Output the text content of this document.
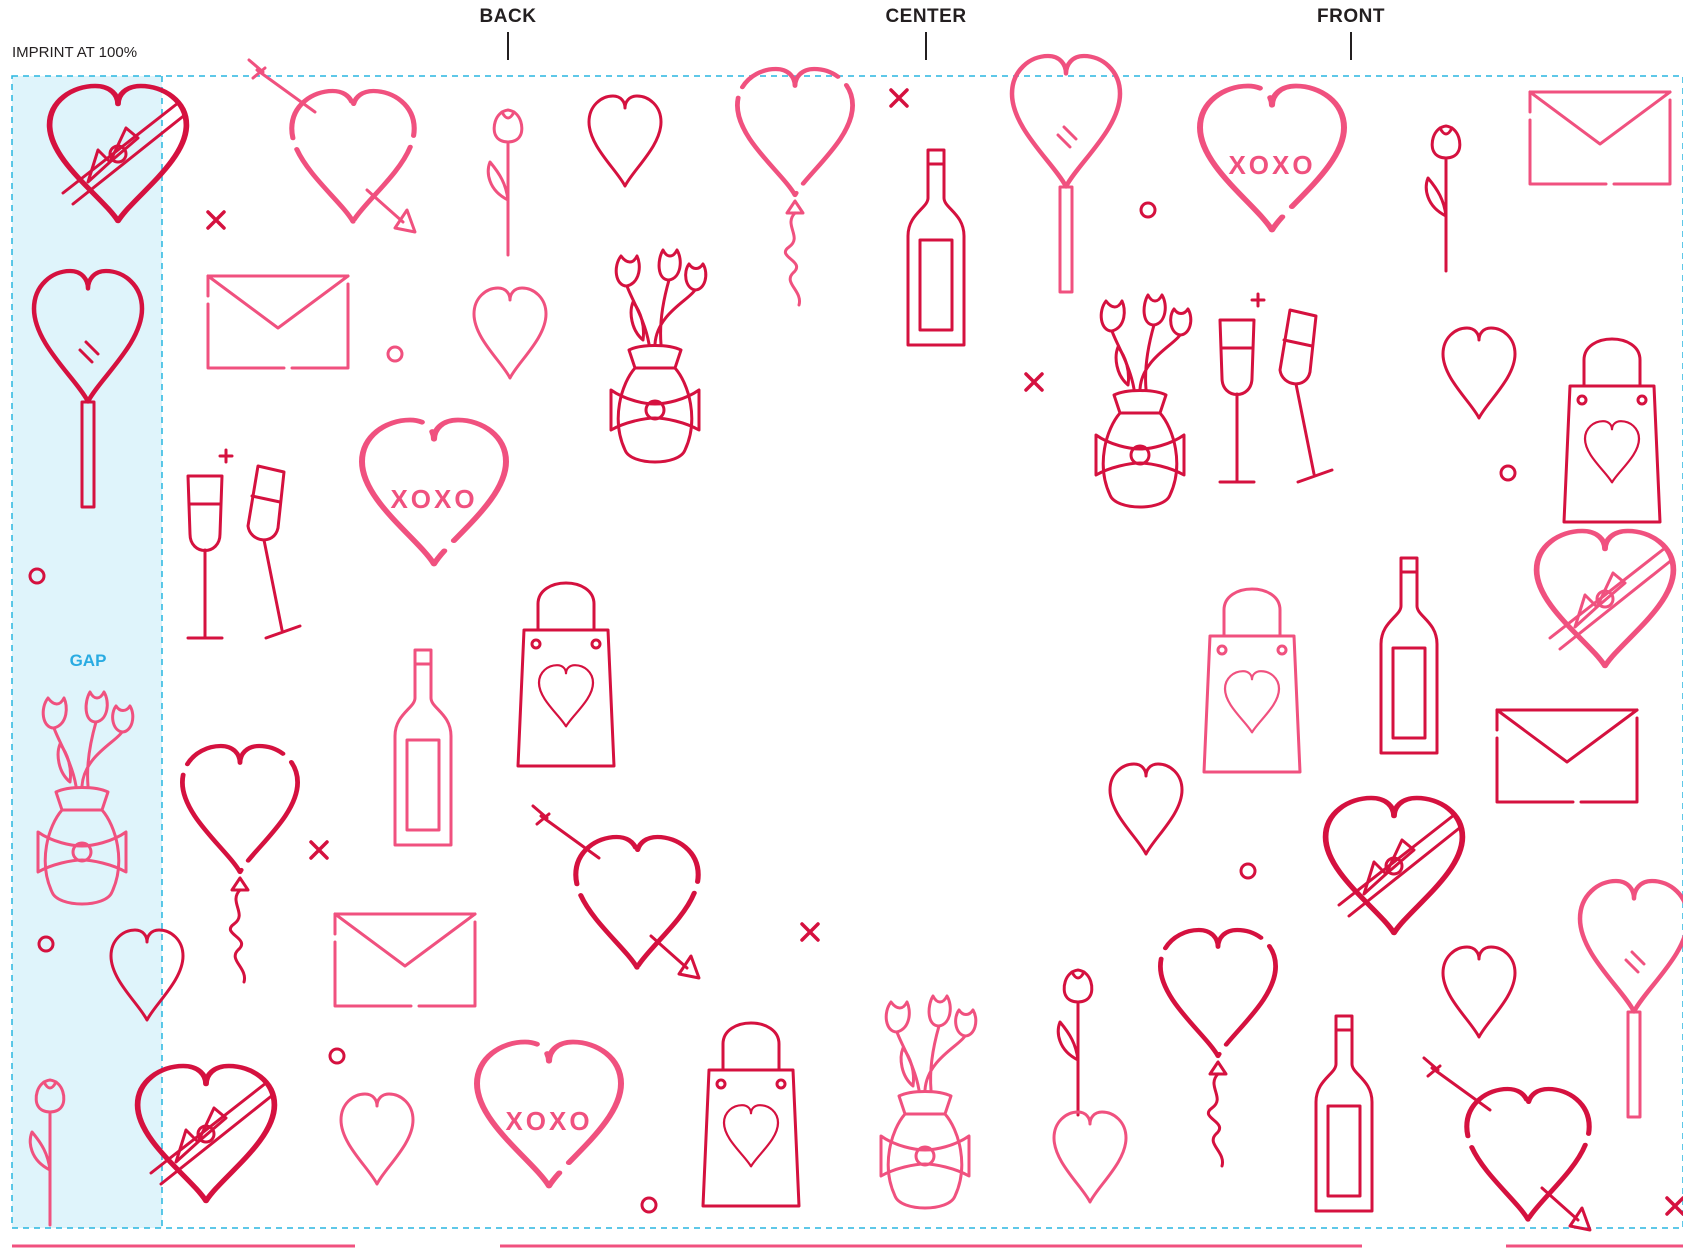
XOXO
XOXO
XOXO
IMPRINT AT 100%
BACK	CENTER	FRONT
GAP
